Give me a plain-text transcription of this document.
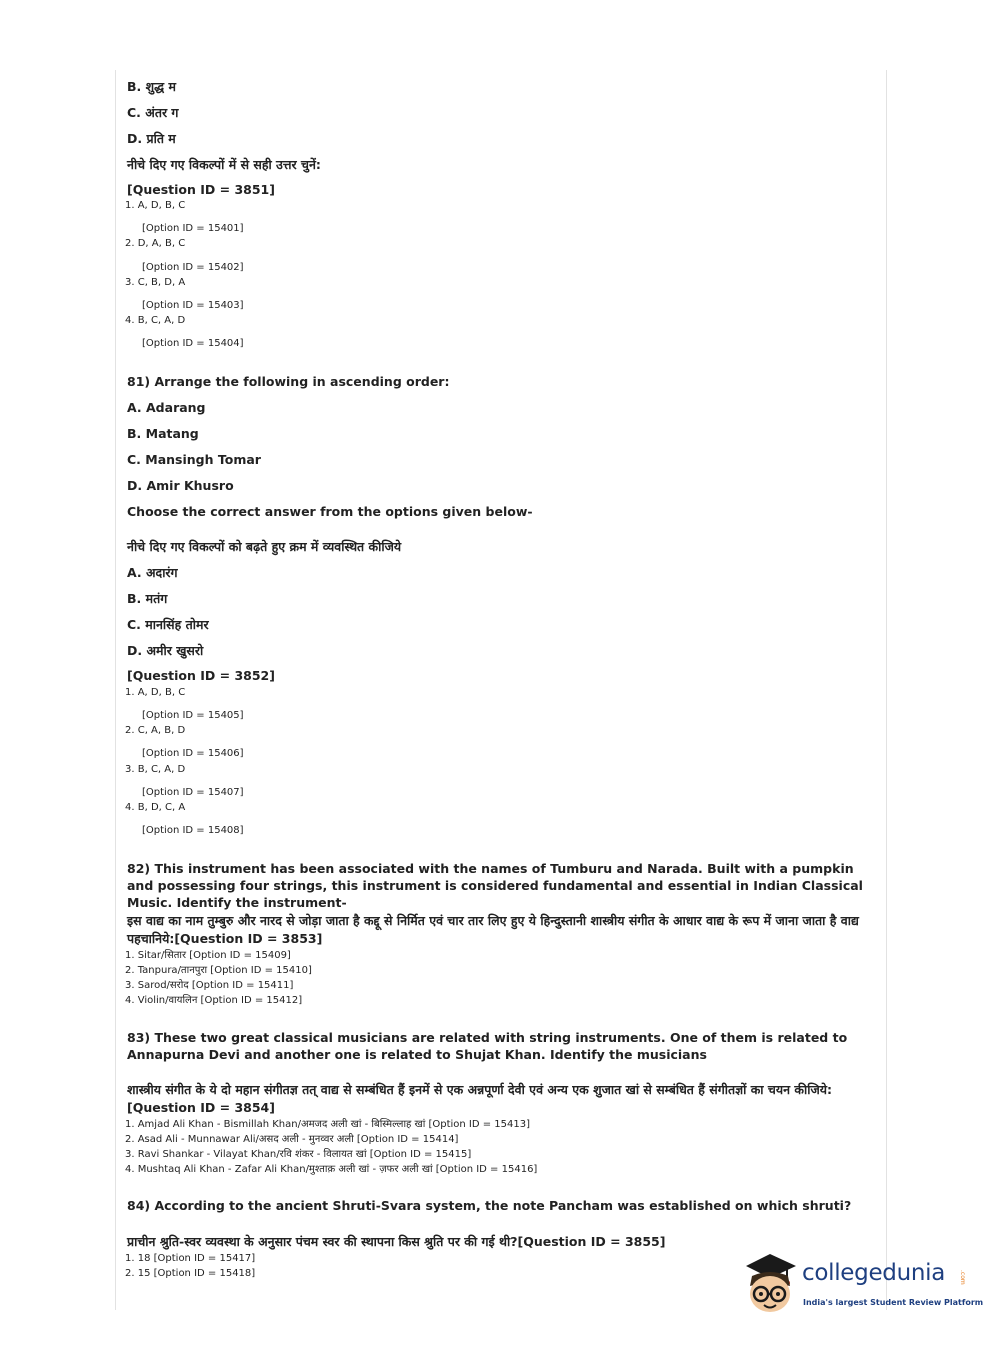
B. शुद्ध म
C. अंतर ग
D. प्रति म
नीचे दिए गए विकल्पों में से सही उत्तर चुनें:
[Question ID = 3851]
1. A, D, B, C
[Option ID = 15401]
2. D, A, B, C
[Option ID = 15402]
3. C, B, D, A
[Option ID = 15403]
4. B, C, A, D
[Option ID = 15404]
81) Arrange the following in ascending order:
A. Adarang
B. Matang
C. Mansingh Tomar
D. Amir Khusro
Choose the correct answer from the options given below-
नीचे दिए गए विकल्पों को बढ़ते हुए क्रम में व्यवस्थित कीजिये
A. अदारंग
B. मतंग
C. मानसिंह तोमर
D. अमीर खुसरो
[Question ID = 3852]
1. A, D, B, C
[Option ID = 15405]
2. C, A, B, D
[Option ID = 15406]
3. B, C, A, D
[Option ID = 15407]
4. B, D, C, A
[Option ID = 15408]
82) This instrument has been associated with the names of Tumburu and Narada. Built with a pumpkin and possessing four strings, this instrument is considered fundamental and essential in Indian Classical Music. Identify the instrument-
इस वाद्य का नाम तुम्बुरु और नारद से जोड़ा जाता है कद्दू से निर्मित एवं चार तार लिए हुए ये हिन्दुस्तानी शास्त्रीय संगीत के आधार वाद्य के रूप में जाना जाता है वाद्य पहचानिये:[Question ID = 3853]
1. Sitar/सितार [Option ID = 15409]
2. Tanpura/तानपुरा [Option ID = 15410]
3. Sarod/सरोद [Option ID = 15411]
4. Violin/वायलिन [Option ID = 15412]
83) These two great classical musicians are related with string instruments. One of them is related to Annapurna Devi and another one is related to Shujat Khan. Identify the musicians
शास्त्रीय संगीत के ये दो महान संगीतज्ञ तत् वाद्य से सम्बंधित हैं इनमें से एक अन्नपूर्णा देवी एवं अन्य एक शुजात खां से सम्बंधित हैं संगीतज्ञों का चयन कीजिये:[Question ID = 3854]
1. Amjad Ali Khan - Bismillah Khan/अमजद अली खां - बिस्मिल्लाह खां [Option ID = 15413]
2. Asad Ali - Munnawar Ali/असद अली - मुनव्वर अली [Option ID = 15414]
3. Ravi Shankar - Vilayat Khan/रवि शंकर - विलायत खां [Option ID = 15415]
4. Mushtaq Ali Khan - Zafar Ali Khan/मुश्ताक़ अली खां - ज़फर अली खां [Option ID = 15416]
84) According to the ancient Shruti-Svara system, the note Pancham was established on which shruti?
प्राचीन श्रुति-स्वर व्यवस्था के अनुसार पंचम स्वर की स्थापना किस श्रुति पर की गई थी?[Question ID = 3855]
1. 18 [Option ID = 15417]
2. 15 [Option ID = 15418]	collegedunia .com
India's largest Student Review Platform
